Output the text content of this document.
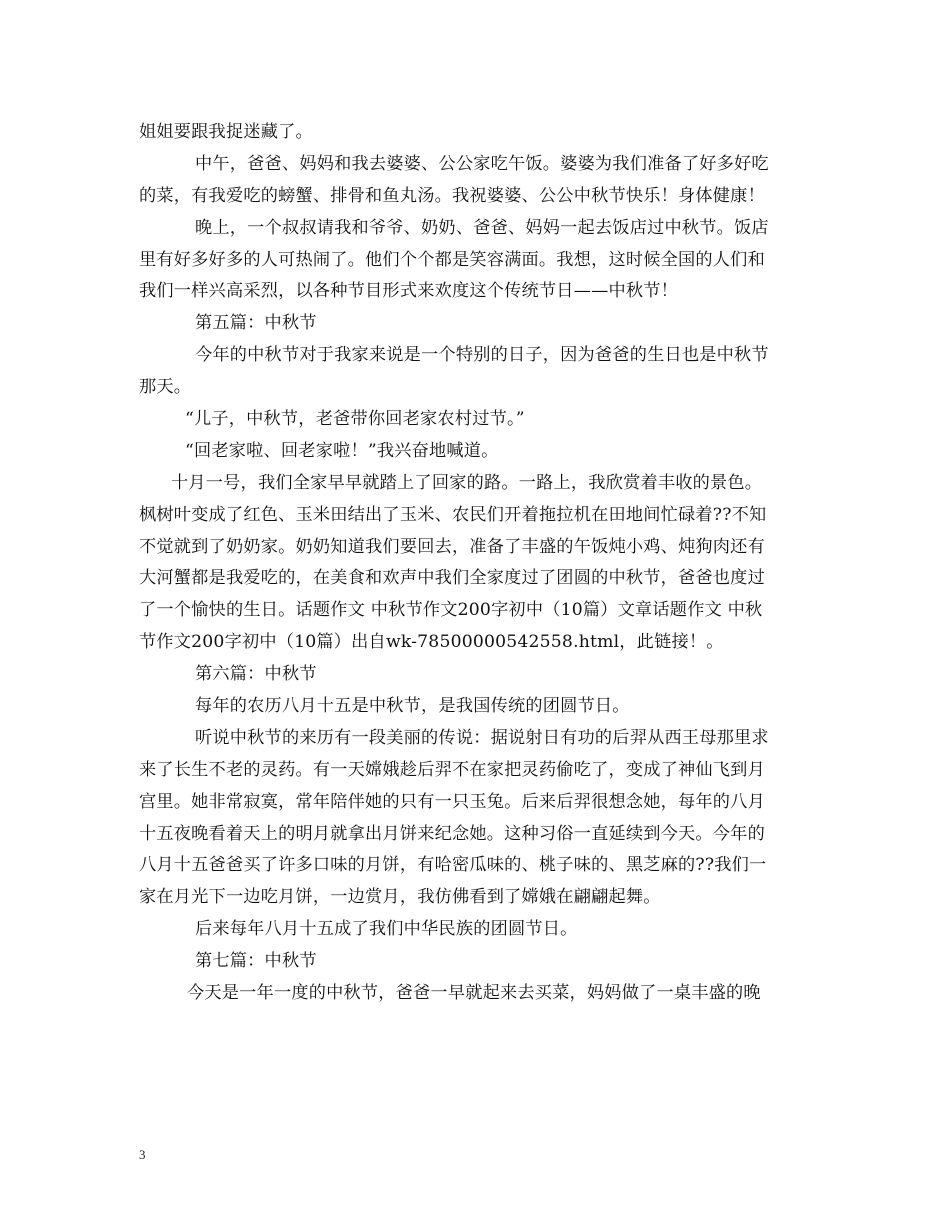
姐姐要跟我捉迷藏了。
中午，爸爸、妈妈和我去婆婆、公公家吃午饭。婆婆为我们准备了好多好吃
的菜，有我爱吃的螃蟹、排骨和鱼丸汤。我祝婆婆、公公中秋节快乐！身体健康！
晚上，一个叔叔请我和爷爷、奶奶、爸爸、妈妈一起去饭店过中秋节。饭店
里有好多好多的人可热闹了。他们个个都是笑容满面。我想，这时候全国的人们和
我们一样兴高采烈，以各种节目形式来欢度这个传统节日——中秋节！
第五篇：中秋节
今年的中秋节对于我家来说是一个特别的日子，因为爸爸的生日也是中秋节
那天。
“儿子，中秋节，老爸带你回老家农村过节。”
“回老家啦、回老家啦！”我兴奋地喊道。
十月一号，我们全家早早就踏上了回家的路。一路上，我欣赏着丰收的景色。
枫树叶变成了红色、玉米田结出了玉米、农民们开着拖拉机在田地间忙碌着??不知
不觉就到了奶奶家。奶奶知道我们要回去，准备了丰盛的午饭炖小鸡、炖狗肉还有
大河蟹都是我爱吃的，在美食和欢声中我们全家度过了团圆的中秋节，爸爸也度过
了一个愉快的生日。话题作文 中秋节作文200字初中（10篇）文章话题作文 中秋
节作文200字初中（10篇）出自wk-78500000542558.html，此链接！。
第六篇：中秋节
每年的农历八月十五是中秋节，是我国传统的团圆节日。
听说中秋节的来历有一段美丽的传说：据说射日有功的后羿从西王母那里求
来了长生不老的灵药。有一天嫦娥趁后羿不在家把灵药偷吃了，变成了神仙飞到月
宫里。她非常寂寞，常年陪伴她的只有一只玉兔。后来后羿很想念她，每年的八月
十五夜晚看着天上的明月就拿出月饼来纪念她。这种习俗一直延续到今天。今年的
八月十五爸爸买了许多口味的月饼，有哈密瓜味的、桃子味的、黑芝麻的??我们一
家在月光下一边吃月饼，一边赏月，我仿佛看到了嫦娥在翩翩起舞。
后来每年八月十五成了我们中华民族的团圆节日。
第七篇：中秋节
今天是一年一度的中秋节，爸爸一早就起来去买菜，妈妈做了一桌丰盛的晚
3
